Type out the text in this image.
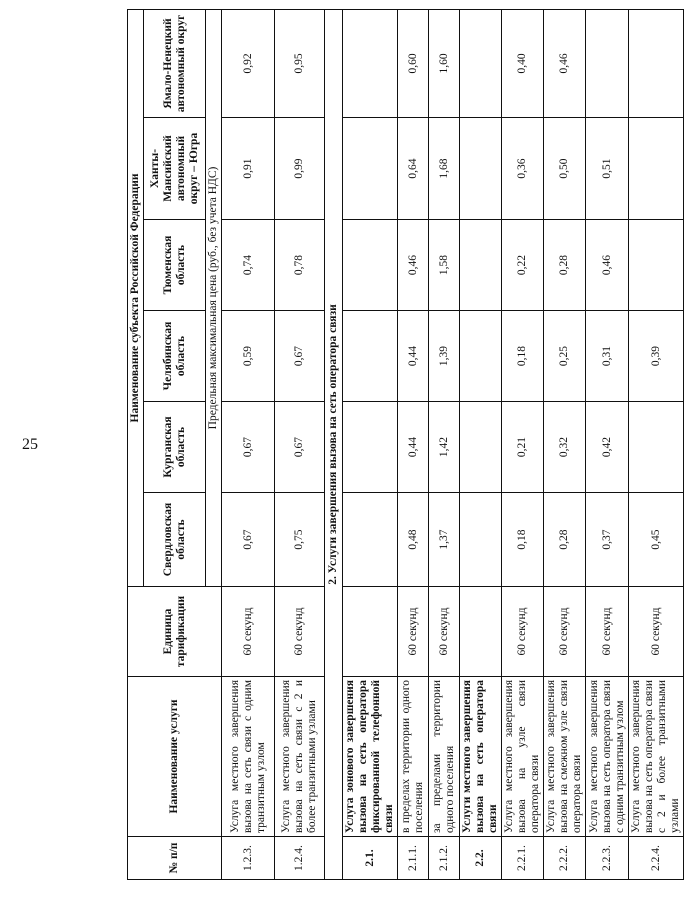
25
№ п/п	Наименование услуги	Единица тарификации	Наименование субъекта Российской Федерации					
			Свердловская область	Курганская область	Челябинская область	Тюменская область	Ханты-Мансийский автономный округ – Югра	Ямало-Ненецкий автономный округ
			Предельная максимальная цена (руб., без учета НДС)					
1.2.3.	Услуга местного завершения вызова на сеть связи с одним транзитным узлом	60 секунд	0,67	0,67	0,59	0,74	0,91	0,92
1.2.4.	Услуга местного завершения вызова на сеть связи с 2 и более транзитными узлами	60 секунд	0,75	0,67	0,67	0,78	0,99	0,95
2. Услуги завершения вызова на сеть оператора связи								
2.1.	Услуга зонового завершения вызова на сеть оператора фиксированной телефонной связи							
2.1.1.	в пределах территории одного поселения	60 секунд	0,48	0,44	0,44	0,46	0,64	0,60
2.1.2.	за пределами территории одного поселения	60 секунд	1,37	1,42	1,39	1,58	1,68	1,60
2.2.	Услуги местного завершения вызова на сеть оператора связи							
2.2.1.	Услуга местного завершения вызова на узле связи оператора связи	60 секунд	0,18	0,21	0,18	0,22	0,36	0,40
2.2.2.	Услуга местного завершения вызова на смежном узле связи оператора связи	60 секунд	0,28	0,32	0,25	0,28	0,50	0,46
2.2.3.	Услуга местного завершения вызова на сеть оператора связи с одним транзитным узлом	60 секунд	0,37	0,42	0,31	0,46	0,51	
2.2.4.	Услуга местного завершения вызова на сеть оператора связи с 2 и более транзитными узлами	60 секунд	0,45		0,39			
